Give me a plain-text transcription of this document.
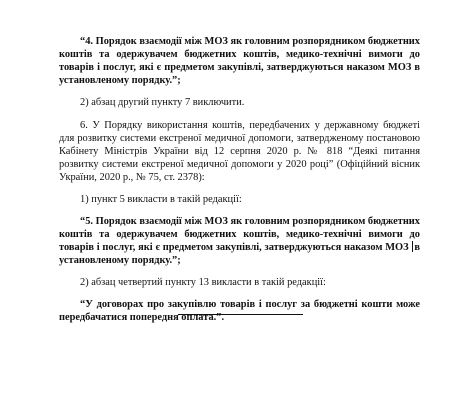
“4. Порядок взаємодії між МОЗ як головним розпорядником бюджетних коштів та одержувачем бюджетних коштів, медико-технічні вимоги до товарів і послуг, які є предметом закупівлі, затверджуються наказом МОЗ в установленому порядку.”;

2) абзац другий пункту 7 виключити.

6. У Порядку використання коштів, передбачених у державному бюджеті для розвитку системи екстреної медичної допомоги, затвердженому постановою Кабінету Міністрів України від 12 серпня 2020 р. № 818 “Деякі питання розвитку системи екстреної медичної допомоги у 2020 році” (Офіційний вісник України, 2020 р., № 75, ст. 2378):

1) пункт 5 викласти в такій редакції:

“5. Порядок взаємодії між МОЗ як головним розпорядником бюджетних коштів та одержувачем бюджетних коштів, медико-технічні вимоги до товарів і послуг, які є предметом закупівлі, затверджуються наказом МОЗ в установленому порядку.”;

2) абзац четвертий пункту 13 викласти в такій редакції:

“У договорах про закупівлю товарів і послуг за бюджетні кошти може передбачатися попередня оплата.”.
